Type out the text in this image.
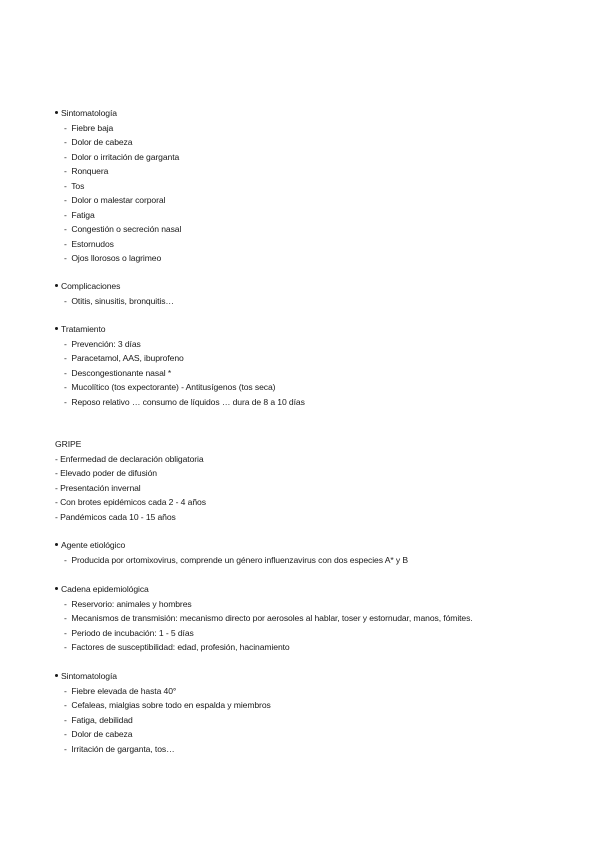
Sintomatología
- Fiebre baja
- Dolor de cabeza
- Dolor o irritación de garganta
- Ronquera
- Tos
- Dolor o malestar corporal
- Fatiga
- Congestión o secreción nasal
- Estornudos
- Ojos llorosos o lagrimeo
Complicaciones
- Otitis, sinusitis, bronquitis…
Tratamiento
- Prevención: 3 días
- Paracetamol, AAS, ibuprofeno
- Descongestionante nasal *
- Mucolítico (tos expectorante) - Antitusígenos (tos seca)
- Reposo relativo … consumo de líquidos … dura de 8 a 10 días
GRIPE
- Enfermedad de declaración obligatoria
- Elevado poder de difusión
- Presentación invernal
- Con brotes epidémicos cada 2 - 4 años
- Pandémicos cada 10 - 15 años
Agente etiológico
- Producida por ortomixovirus, comprende un género influenzavirus con dos especies A* y B
Cadena epidemiológica
- Reservorio: animales y hombres
- Mecanismos de transmisión: mecanismo directo por aerosoles al hablar, toser y estornudar, manos, fómites.
- Periodo de incubación: 1 - 5 días
- Factores de susceptibilidad: edad, profesión, hacinamiento
Sintomatología
- Fiebre elevada de hasta 40°
- Cefaleas, mialgias sobre todo en espalda y miembros
- Fatiga, debilidad
- Dolor de cabeza
- Irritación de garganta, tos…
